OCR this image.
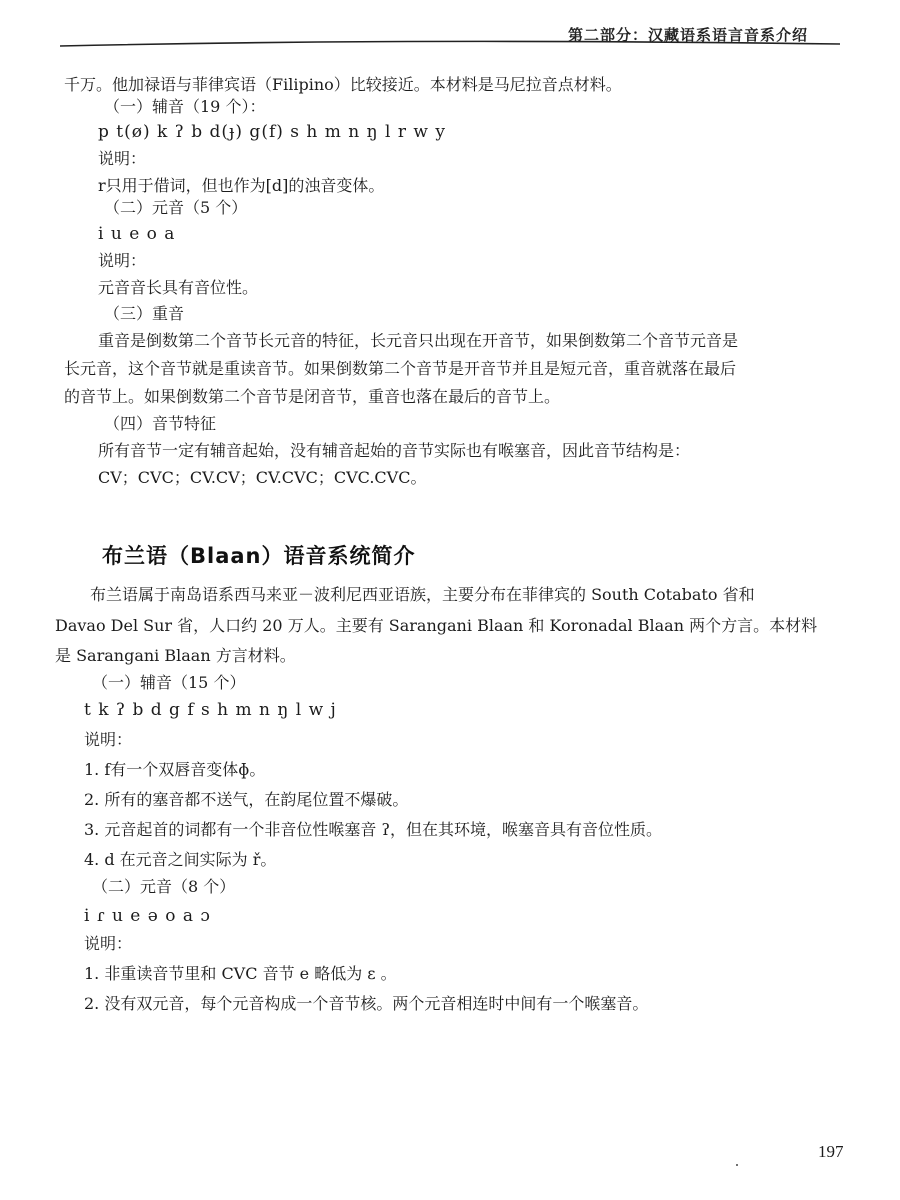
第二部分：汉藏语系语言音系介绍
千万。他加禄语与菲律宾语（Filipino）比较接近。本材料是马尼拉音点材料。
（一）辅音（19 个）：
p t(ø) k ʔ b d(ɟ) g(f) s h m n ŋ l r w y
说明：
r只用于借词，但也作为[d]的浊音变体。
（二）元音（5 个）
i u e o a
说明：
元音音长具有音位性。
（三）重音
重音是倒数第二个音节长元音的特征，长元音只出现在开音节，如果倒数第二个音节元音是
长元音，这个音节就是重读音节。如果倒数第二个音节是开音节并且是短元音，重音就落在最后
的音节上。如果倒数第二个音节是闭音节，重音也落在最后的音节上。
（四）音节特征
所有音节一定有辅音起始，没有辅音起始的音节实际也有喉塞音，因此音节结构是：
CV；CVC；CV.CV；CV.CVC；CVC.CVC。
布兰语（Blaan）语音系统简介
布兰语属于南岛语系西马来亚－波利尼西亚语族，主要分布在菲律宾的 South Cotabato 省和
Davao Del Sur 省，人口约 20 万人。主要有 Sarangani Blaan 和 Koronadal Blaan 两个方言。本材料
是 Sarangani Blaan 方言材料。
（一）辅音（15 个）
t k ʔ b d g f s h m n ŋ l w j
说明：
1. f有一个双唇音变体ɸ。
2. 所有的塞音都不送气，在韵尾位置不爆破。
3. 元音起首的词都有一个非音位性喉塞音 ʔ，但在其环境，喉塞音具有音位性质。
4. d 在元音之间实际为 ř。
（二）元音（8 个）
i ɾ u e ə o a ɔ
说明：
1. 非重读音节里和 CVC 音节 e 略低为 ε 。
2. 没有双元音，每个元音构成一个音节核。两个元音相连时中间有一个喉塞音。
197
